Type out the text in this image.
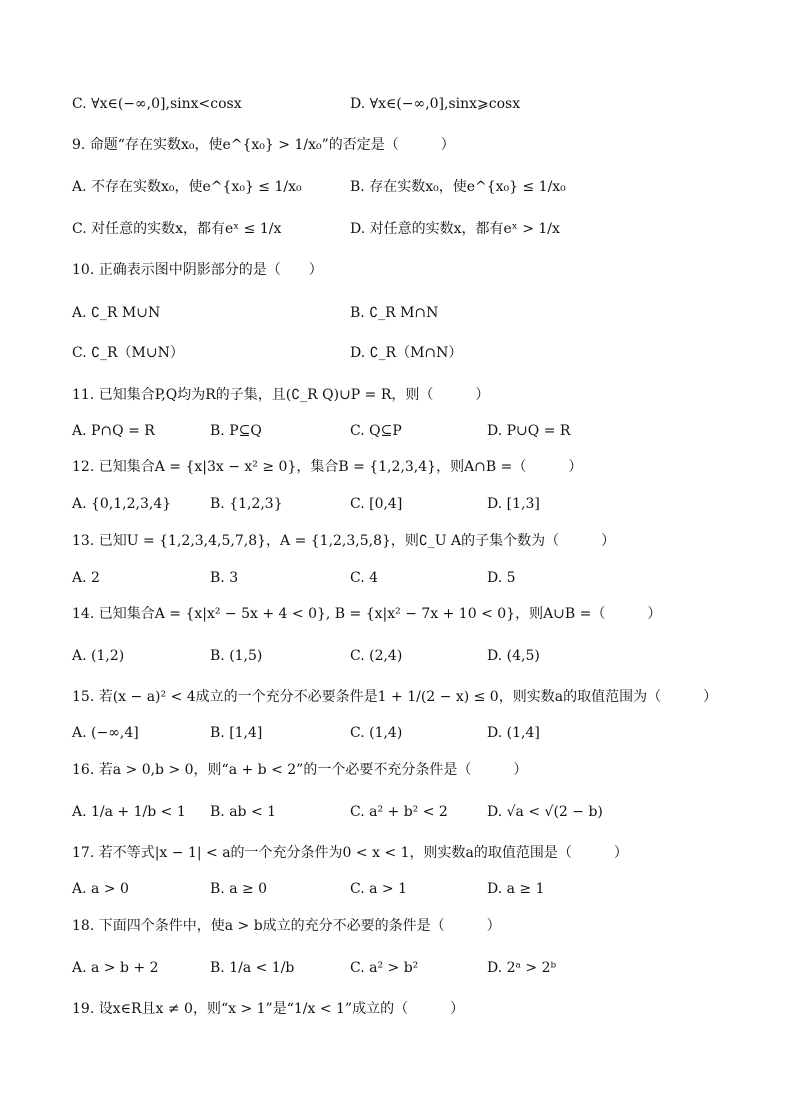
C. ∀x∈(−∞,0],sinx<cosx	D. ∀x∈(−∞,0],sinx⩾cosx
9. 命题“存在实数x₀，使e^{x₀} > 1/x₀”的否定是（　　　）
A. 不存在实数x₀，使e^{x₀} ≤ 1/x₀	B. 存在实数x₀，使e^{x₀} ≤ 1/x₀
C. 对任意的实数x，都有eˣ ≤ 1/x	D. 对任意的实数x，都有eˣ > 1/x
10. 正确表示图中阴影部分的是（　　）
A. ∁_R M∪N	B. ∁_R M∩N
C. ∁_R（M∪N）	D. ∁_R（M∩N）
11. 已知集合P,Q均为R的子集，且(∁_R Q)∪P = R，则（　　　）
A. P∩Q = R	B. P⊆Q	C. Q⊆P	D. P∪Q = R
12. 已知集合A = {x|3x − x² ≥ 0}，集合B = {1,2,3,4}，则A∩B =（　　　）
A. {0,1,2,3,4}	B. {1,2,3}	C. [0,4]	D. [1,3]
13. 已知U = {1,2,3,4,5,7,8}，A = {1,2,3,5,8}，则∁_U A的子集个数为（　　　）
A. 2	B. 3	C. 4	D. 5
14. 已知集合A = {x|x² − 5x + 4 < 0}, B = {x|x² − 7x + 10 < 0}，则A∪B =（　　　）
A. (1,2)	B. (1,5)	C. (2,4)	D. (4,5)
15. 若(x − a)² < 4成立的一个充分不必要条件是1 + 1/(2 − x) ≤ 0，则实数a的取值范围为（　　　）
A. (−∞,4]	B. [1,4]	C. (1,4)	D. (1,4]
16. 若a > 0,b > 0，则“a + b < 2”的一个必要不充分条件是（　　　）
A. 1/a + 1/b < 1 B. ab < 1	C. a² + b² < 2	D. √a < √(2 − b)
17. 若不等式|x − 1| < a的一个充分条件为0 < x < 1，则实数a的取值范围是（　　　）
A. a > 0	B. a ≥ 0	C. a > 1	D. a ≥ 1
18. 下面四个条件中，使a > b成立的充分不必要的条件是（　　　）
A. a > b + 2	B. 1/a < 1/b	C. a² > b²	D. 2ᵃ > 2ᵇ
19. 设x∈R且x ≠ 0，则“x > 1”是“1/x < 1”成立的（　　　）
